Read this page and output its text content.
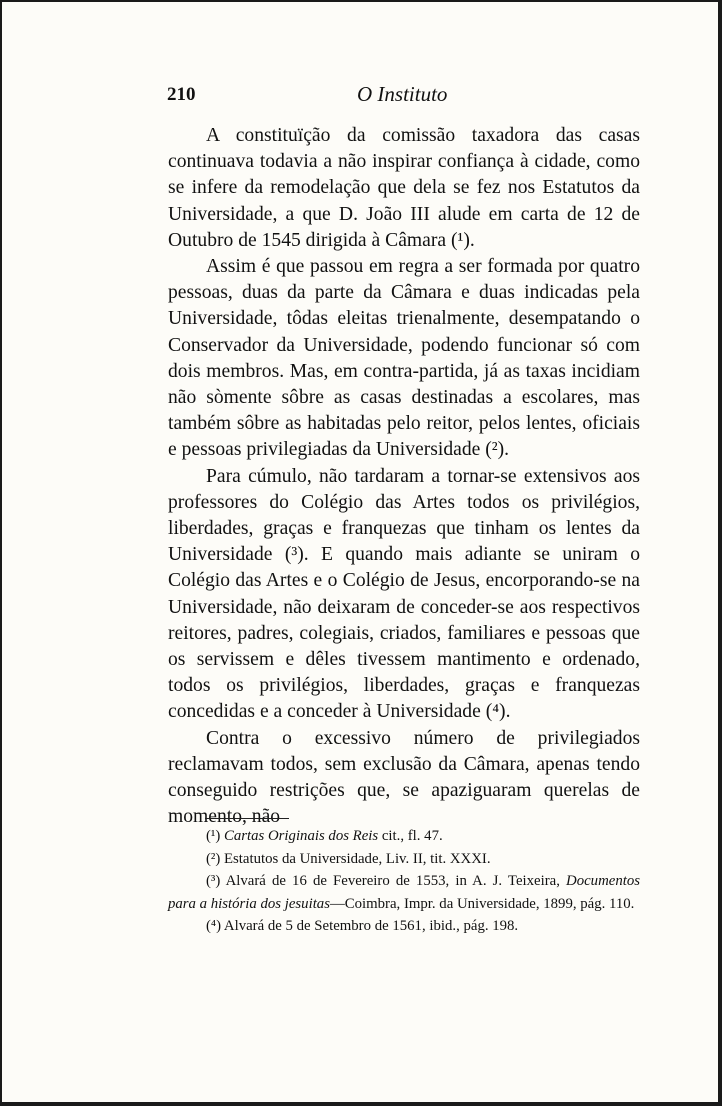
210	O Instituto

A constituïção da comissão taxadora das casas continuava todavia a não inspirar confiança à cidade, como se infere da remodelação que dela se fez nos Estatutos da Universidade, a que D. João III alude em carta de 12 de Outubro de 1545 dirigida à Câmara (¹).

Assim é que passou em regra a ser formada por quatro pessoas, duas da parte da Câmara e duas indicadas pela Universidade, tôdas eleitas trienalmente, desempatando o Conservador da Universidade, podendo funcionar só com dois membros. Mas, em contra-partida, já as taxas incidiam não sòmente sôbre as casas destinadas a escolares, mas também sôbre as habitadas pelo reitor, pelos lentes, oficiais e pessoas privilegiadas da Universidade (²).

Para cúmulo, não tardaram a tornar-se extensivos aos professores do Colégio das Artes todos os privilégios, liberdades, graças e franquezas que tinham os lentes da Universidade (³). E quando mais adiante se uniram o Colégio das Artes e o Colégio de Jesus, encorporando-se na Universidade, não deixaram de conceder-se aos respectivos reitores, padres, colegiais, criados, familiares e pessoas que os servissem e dêles tivessem mantimento e ordenado, todos os privilégios, liberdades, graças e franquezas concedidas e a conceder à Universidade (⁴).

Contra o excessivo número de privilegiados reclamavam todos, sem exclusão da Câmara, apenas tendo conseguido restrições que, se apaziguaram querelas de momento, não

(¹) Cartas Originais dos Reis cit., fl. 47.

(²) Estatutos da Universidade, Liv. II, tit. XXXI.

(³) Alvará de 16 de Fevereiro de 1553, in A. J. Teixeira, Documentos para a história dos jesuitas—Coimbra, Impr. da Universidade, 1899, pág. 110.

(⁴) Alvará de 5 de Setembro de 1561, ibid., pág. 198.
